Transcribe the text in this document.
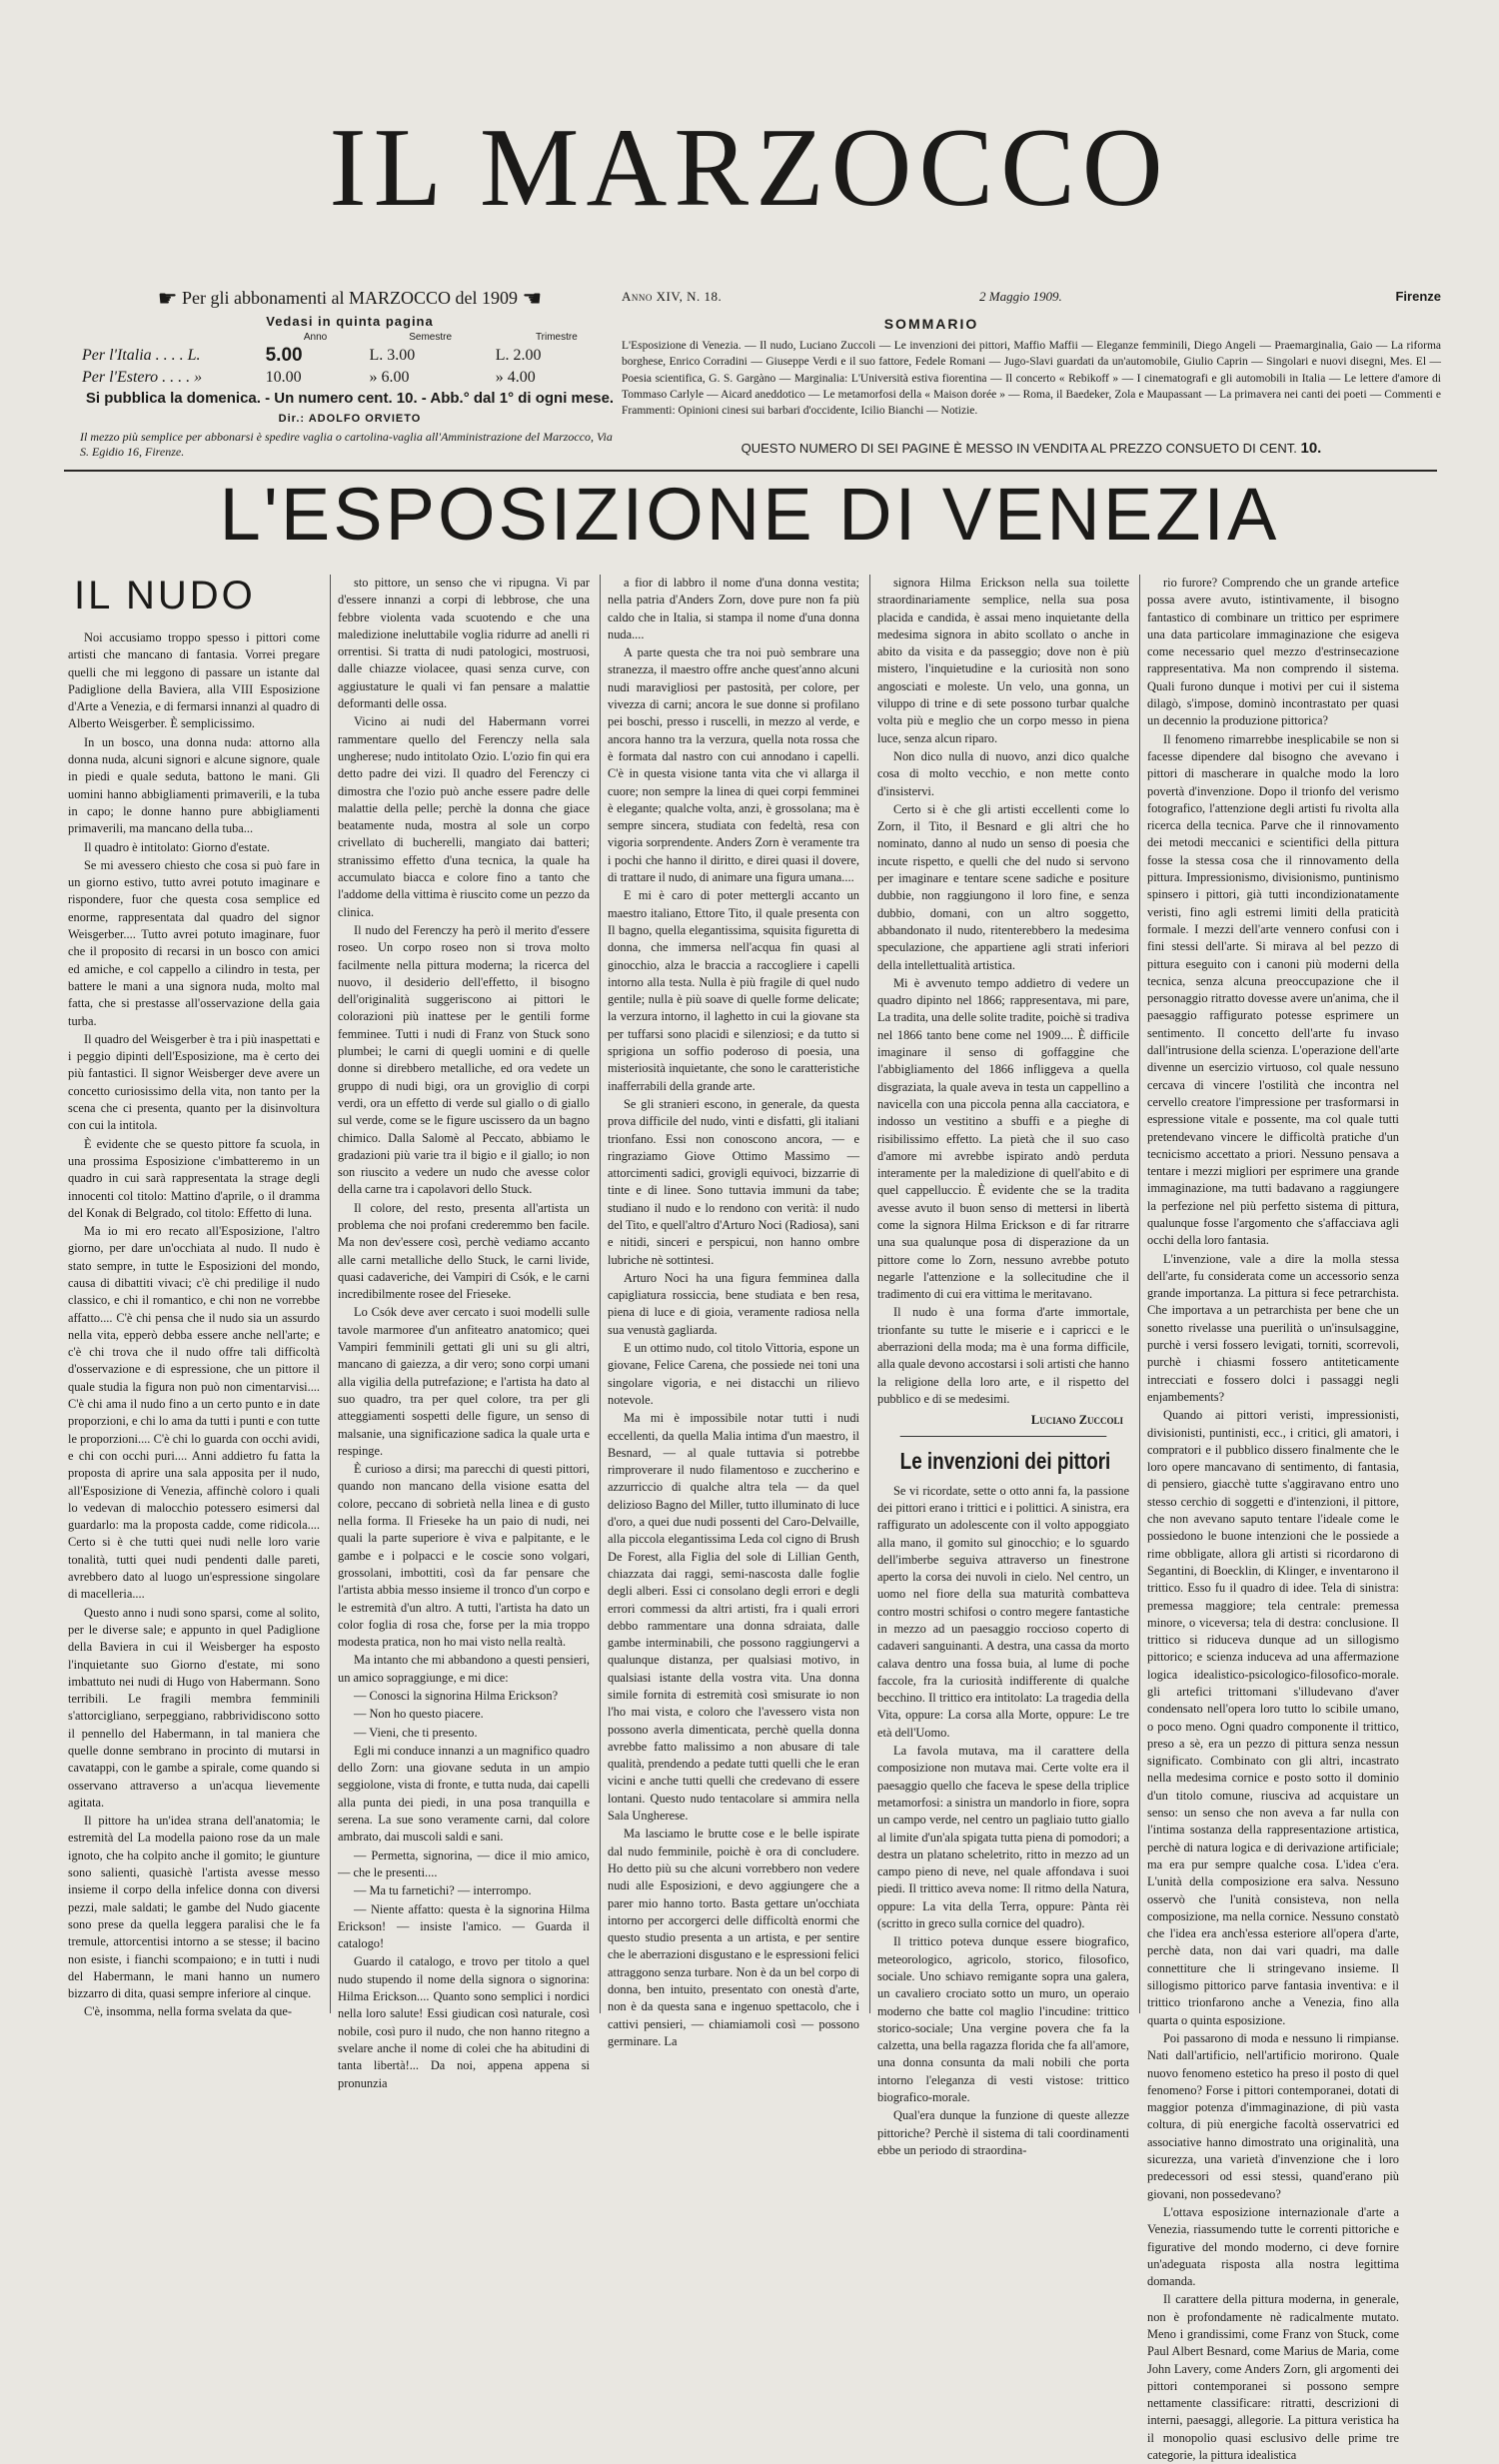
IL MARZOCCO
☛ Per gli abbonamenti al MARZOCCO del 1909 ☚
Vedasi in quinta pagina
	Anno	Semestre	Trimestre
Per l'Italia . . . . L.	5.00	L. 3.00	L. 2.00
Per l'Estero . . . . »	10.00	» 6.00	» 4.00
Si pubblica la domenica. - Un numero cent. 10. - Abb.° dal 1° di ogni mese.
Dir.: ADOLFO ORVIETO
Il mezzo più semplice per abbonarsi è spedire vaglia o cartolina-vaglia all'Amministrazione del Marzocco, Via S. Egidio 16, Firenze.
Anno XIV, N. 18.	2 Maggio 1909.	Firenze
SOMMARIO
L'Esposizione di Venezia. — Il nudo, Luciano Zuccoli — Le invenzioni dei pittori, Maffio Maffii — Eleganze femminili, Diego Angeli — Praemarginalia, Gaio — La riforma borghese, Enrico Corradini — Giuseppe Verdi e il suo fattore, Fedele Romani — Jugo-Slavi guardati da un'automobile, Giulio Caprin — Singolari e nuovi disegni, Mes. El — Poesia scientifica, G. S. Gargàno — Marginalia: L'Università estiva fiorentina — Il concerto « Rebikoff » — I cinematografi e gli automobili in Italia — Le lettere d'amore di Tommaso Carlyle — Aicard aneddotico — Le metamorfosi della « Maison dorée » — Roma, il Baedeker, Zola e Maupassant — La primavera nei canti dei poeti — Commenti e Frammenti: Opinioni cinesi sui barbari d'occidente, Icilio Bianchi — Notizie.
QUESTO NUMERO DI SEI PAGINE È MESSO IN VENDITA AL PREZZO CONSUETO DI CENT. 10.
L'ESPOSIZIONE DI VENEZIA
IL NUDO

Noi accusiamo troppo spesso i pittori come artisti che mancano di fantasia. Vorrei pregare quelli che mi leggono di passare un istante dal Padiglione della Baviera, alla VIII Esposizione d'Arte a Venezia, e di fermarsi innanzi al quadro di Alberto Weisgerber. È semplicissimo.

In un bosco, una donna nuda: attorno alla donna nuda, alcuni signori e alcune signore, quale in piedi e quale seduta, battono le mani. Gli uomini hanno abbigliamenti primaverili, e la tuba in capo; le donne hanno pure abbigliamenti primaverili, ma mancano della tuba...

Il quadro è intitolato: Giorno d'estate.

Se mi avessero chiesto che cosa si può fare in un giorno estivo, tutto avrei potuto imaginare e rispondere, fuor che questa cosa semplice ed enorme, rappresentata dal quadro del signor Weisgerber.... Tutto avrei potuto imaginare, fuor che il proposito di recarsi in un bosco con amici ed amiche, e col cappello a cilindro in testa, per battere le mani a una signora nuda, molto mal fatta, che si prestasse all'osservazione della gaia turba.

Il quadro del Weisgerber è tra i più inaspettati e i peggio dipinti dell'Esposizione, ma è certo dei più fantastici. Il signor Weisberger deve avere un concetto curiosissimo della vita, non tanto per la scena che ci presenta, quanto per la disinvoltura con cui la intitola.

È evidente che se questo pittore fa scuola, in una prossima Esposizione c'imbatteremo in un quadro in cui sarà rappresentata la strage degli innocenti col titolo: Mattino d'aprile, o il dramma del Konak di Belgrado, col titolo: Effetto di luna.

Ma io mi ero recato all'Esposizione, l'altro giorno, per dare un'occhiata al nudo. Il nudo è stato sempre, in tutte le Esposizioni del mondo, causa di dibattiti vivaci; c'è chi predilige il nudo classico, e chi il romantico, e chi non ne vorrebbe affatto.... C'è chi pensa che il nudo sia un assurdo nella vita, epperò debba essere anche nell'arte; e c'è chi trova che il nudo offre tali difficoltà d'osservazione e di espressione, che un pittore il quale studia la figura non può non cimentarvisi.... C'è chi ama il nudo fino a un certo punto e in date proporzioni, e chi lo ama da tutti i punti e con tutte le proporzioni.... C'è chi lo guarda con occhi avidi, e chi con occhi puri.... Anni addietro fu fatta la proposta di aprire una sala apposita per il nudo, all'Esposizione di Venezia, affinchè coloro i quali lo vedevan di malocchio potessero esimersi dal guardarlo: ma la proposta cadde, come ridicola.... Certo si è che tutti quei nudi nelle loro varie tonalità, tutti quei nudi pendenti dalle pareti, avrebbero dato al luogo un'espressione singolare di macelleria....

Questo anno i nudi sono sparsi, come al solito, per le diverse sale; e appunto in quel Padiglione della Baviera in cui il Weisberger ha esposto l'inquietante suo Giorno d'estate, mi sono imbattuto nei nudi di Hugo von Habermann. Sono terribili. Le fragili membra femminili s'attorcigliano, serpeggiano, rabbrividiscono sotto il pennello del Habermann, in tal maniera che quelle donne sembrano in procinto di mutarsi in cavatappi, con le gambe a spirale, come quando si osservano attraverso a un'acqua lievemente agitata.

Il pittore ha un'idea strana dell'anatomia; le estremità del La modella paiono rose da un male ignoto, che ha colpito anche il gomito; le giunture sono salienti, quasichè l'artista avesse messo insieme il corpo della infelice donna con diversi pezzi, male saldati; le gambe del Nudo giacente sono prese da quella leggera paralisi che le fa tremule, attorcentisi intorno a se stesse; il bacino non esiste, i fianchi scompaiono; e in tutti i nudi del Habermann, le mani hanno un numero bizzarro di dita, quasi sempre inferiore al cinque.

C'è, insomma, nella forma svelata da que-

sto pittore, un senso che vi ripugna. Vi par d'essere innanzi a corpi di lebbrose, che una febbre violenta vada scuotendo e che una maledizione ineluttabile voglia ridurre ad anelli ri orrentisi. Si tratta di nudi patologici, mostruosi, dalle chiazze violacee, quasi senza curve, con aggiustature le quali vi fan pensare a malattie deformanti delle ossa.

Vicino ai nudi del Habermann vorrei rammentare quello del Ferenczy nella sala ungherese; nudo intitolato Ozio. L'ozio fin qui era detto padre dei vizi. Il quadro del Ferenczy ci dimostra che l'ozio può anche essere padre delle malattie della pelle; perchè la donna che giace beatamente nuda, mostra al sole un corpo crivellato di bucherelli, mangiato dai batteri; stranissimo effetto d'una tecnica, la quale ha accumulato biacca e colore fino a tanto che l'addome della vittima è riuscito come un pezzo da clinica.

Il nudo del Ferenczy ha però il merito d'essere roseo. Un corpo roseo non si trova molto facilmente nella pittura moderna; la ricerca del nuovo, il desiderio dell'effetto, il bisogno dell'originalità suggeriscono ai pittori le colorazioni più inattese per le gentili forme femminee. Tutti i nudi di Franz von Stuck sono plumbei; le carni di quegli uomini e di quelle donne si direbbero metalliche, ed ora vedete un gruppo di nudi bigi, ora un groviglio di corpi verdi, ora un effetto di verde sul giallo o di giallo sul verde, come se le figure uscissero da un bagno chimico. Dalla Salomè al Peccato, abbiamo le gradazioni più varie tra il bigio e il giallo; io non son riuscito a vedere un nudo che avesse color della carne tra i capolavori dello Stuck.

Il colore, del resto, presenta all'artista un problema che noi profani crederemmo ben facile. Ma non dev'essere così, perchè vediamo accanto alle carni metalliche dello Stuck, le carni livide, quasi cadaveriche, dei Vampiri di Csók, e le carni incredibilmente rosee del Frieseke.

Lo Csók deve aver cercato i suoi modelli sulle tavole marmoree d'un anfiteatro anatomico; quei Vampiri femminili gettati gli uni su gli altri, mancano di gaiezza, a dir vero; sono corpi umani alla vigilia della putrefazione; e l'artista ha dato al suo quadro, tra per quel colore, tra per gli atteggiamenti sospetti delle figure, un senso di malsanie, una significazione sadica la quale urta e respinge.

È curioso a dirsi; ma parecchi di questi pittori, quando non mancano della visione esatta del colore, peccano di sobrietà nella linea e di gusto nella forma. Il Frieseke ha un paio di nudi, nei quali la parte superiore è viva e palpitante, e le gambe e i polpacci e le coscie sono volgari, grossolani, imbottiti, così da far pensare che l'artista abbia messo insieme il tronco d'un corpo e le estremità d'un altro. A tutti, l'artista ha dato un color foglia di rosa che, forse per la mia troppo modesta pratica, non ho mai visto nella realtà.

Ma intanto che mi abbandono a questi pensieri, un amico sopraggiunge, e mi dice:

— Conosci la signorina Hilma Erickson?

— Non ho questo piacere.

— Vieni, che ti presento.

Egli mi conduce innanzi a un magnifico quadro dello Zorn: una giovane seduta in un ampio seggiolone, vista di fronte, e tutta nuda, dai capelli alla punta dei piedi, in una posa tranquilla e serena. La sue sono veramente carni, dal colore ambrato, dai muscoli saldi e sani.

— Permetta, signorina, — dice il mio amico, — che le presenti....

— Ma tu farnetichi? — interrompo.

— Niente affatto: questa è la signorina Hilma Erickson! — insiste l'amico. — Guarda il catalogo!

Guardo il catalogo, e trovo per titolo a quel nudo stupendo il nome della signora o signorina: Hilma Erickson.... Quanto sono semplici i nordici nella loro salute! Essi giudican così naturale, così nobile, così puro il nudo, che non hanno ritegno a svelare anche il nome di colei che ha abitudini di tanta libertà!... Da noi, appena appena si pronunzia

a fior di labbro il nome d'una donna vestita; nella patria d'Anders Zorn, dove pure non fa più caldo che in Italia, si stampa il nome d'una donna nuda....

A parte questa che tra noi può sembrare una stranezza, il maestro offre anche quest'anno alcuni nudi maravigliosi per pastosità, per colore, per vivezza di carni; ancora le sue donne si profilano pei boschi, presso i ruscelli, in mezzo al verde, e ancora hanno tra la verzura, quella nota rossa che è formata dal nastro con cui annodano i capelli. C'è in questa visione tanta vita che vi allarga il cuore; non sempre la linea di quei corpi femminei è elegante; qualche volta, anzi, è grossolana; ma è sempre sincera, studiata con fedeltà, resa con vigoria sorprendente. Anders Zorn è veramente tra i pochi che hanno il diritto, e direi quasi il dovere, di trattare il nudo, di animare una figura umana....

E mi è caro di poter mettergli accanto un maestro italiano, Ettore Tito, il quale presenta con Il bagno, quella elegantissima, squisita figuretta di donna, che immersa nell'acqua fin quasi al ginocchio, alza le braccia a raccogliere i capelli intorno alla testa. Nulla è più fragile di quel nudo gentile; nulla è più soave di quelle forme delicate; la verzura intorno, il laghetto in cui la giovane sta per tuffarsi sono placidi e silenziosi; e da tutto si sprigiona un soffio poderoso di poesia, una misteriosità inquietante, che sono le caratteristiche inafferrabili della grande arte.

Se gli stranieri escono, in generale, da questa prova difficile del nudo, vinti e disfatti, gli italiani trionfano. Essi non conoscono ancora, — e ringraziamo Giove Ottimo Massimo — attorcimenti sadici, grovigli equivoci, bizzarrie di tinte e di linee. Sono tuttavia immuni da tabe; studiano il nudo e lo rendono con verità: il nudo del Tito, e quell'altro d'Arturo Noci (Radiosa), sani e nitidi, sinceri e perspicui, non hanno ombre lubriche nè sottintesi.

Arturo Noci ha una figura femminea dalla capigliatura rossiccia, bene studiata e ben resa, piena di luce e di gioia, veramente radiosa nella sua venustà gagliarda.

E un ottimo nudo, col titolo Vittoria, espone un giovane, Felice Carena, che possiede nei toni una singolare vigoria, e nei distacchi un rilievo notevole.

Ma mi è impossibile notar tutti i nudi eccellenti, da quella Malia intima d'un maestro, il Besnard, — al quale tuttavia si potrebbe rimproverare il nudo filamentoso e zuccherino e azzurriccio di qualche altra tela — da quel delizioso Bagno del Miller, tutto illuminato di luce d'oro, a quei due nudi possenti del Caro-Delvaille, alla piccola elegantissima Leda col cigno di Brush De Forest, alla Figlia del sole di Lillian Genth, chiazzata dai raggi, semi-nascosta dalle foglie degli alberi. Essi ci consolano degli errori e degli errori commessi da altri artisti, fra i quali errori debbo rammentare una donna sdraiata, dalle gambe interminabili, che possono raggiungervi a qualunque distanza, per qualsiasi motivo, in qualsiasi istante della vostra vita. Una donna simile fornita di estremità così smisurate io non l'ho mai vista, e coloro che l'avessero vista non possono averla dimenticata, perchè quella donna avrebbe fatto malissimo a non abusare di tale qualità, prendendo a pedate tutti quelli che le eran vicini e anche tutti quelli che credevano di essere lontani. Questo nudo tentacolare si ammira nella Sala Ungherese.

Ma lasciamo le brutte cose e le belle ispirate dal nudo femminile, poichè è ora di concludere. Ho detto più su che alcuni vorrebbero non vedere nudi alle Esposizioni, e devo aggiungere che a parer mio hanno torto. Basta gettare un'occhiata intorno per accorgerci delle difficoltà enormi che questo studio presenta a un artista, e per sentire che le aberrazioni disgustano e le espressioni felici attraggono senza turbare. Non è da un bel corpo di donna, ben intuito, presentato con onestà d'arte, non è da questa sana e ingenuo spettacolo, che i cattivi pensieri, — chiamiamoli così — possono germinare. La

signora Hilma Erickson nella sua toilette straordinariamente semplice, nella sua posa placida e candida, è assai meno inquietante della medesima signora in abito scollato o anche in abito da visita e da passeggio; dove non è più mistero, l'inquietudine e la curiosità non sono angosciati e moleste. Un velo, una gonna, un viluppo di trine e di sete possono turbar qualche volta più e meglio che un corpo messo in piena luce, senza alcun riparo.

Non dico nulla di nuovo, anzi dico qualche cosa di molto vecchio, e non mette conto d'insistervi.

Certo si è che gli artisti eccellenti come lo Zorn, il Tito, il Besnard e gli altri che ho nominato, danno al nudo un senso di poesia che incute rispetto, e quelli che del nudo si servono per imaginare e tentare scene sadiche e positure dubbie, non raggiungono il loro fine, e senza dubbio, domani, con un altro soggetto, abbandonato il nudo, ritenterebbero la medesima speculazione, che appartiene agli strati inferiori della intellettualità artistica.

Mi è avvenuto tempo addietro di vedere un quadro dipinto nel 1866; rappresentava, mi pare, La tradita, una delle solite tradite, poichè si tradiva nel 1866 tanto bene come nel 1909.... È difficile imaginare il senso di goffaggine che l'abbigliamento del 1866 infliggeva a quella disgraziata, la quale aveva in testa un cappellino a navicella con una piccola penna alla cacciatora, e indosso un vestitino a sbuffi e a pieghe di risibilissimo effetto. La pietà che il suo caso d'amore mi avrebbe ispirato andò perduta interamente per la maledizione di quell'abito e di quel cappelluccio. È evidente che se la tradita avesse avuto il buon senso di mettersi in libertà come la signora Hilma Erickson e di far ritrarre una sua qualunque posa di disperazione da un pittore come lo Zorn, nessuno avrebbe potuto negarle l'attenzione e la sollecitudine che il tradimento di cui era vittima le meritavano.

Il nudo è una forma d'arte immortale, trionfante su tutte le miserie e i capricci e le aberrazioni della moda; ma è una forma difficile, alla quale devono accostarsi i soli artisti che hanno la religione della loro arte, e il rispetto del pubblico e di se medesimi.

Luciano Zuccoli
Le invenzioni dei pittori

Se vi ricordate, sette o otto anni fa, la passione dei pittori erano i trittici e i polittici. A sinistra, era raffigurato un adolescente con il volto appoggiato alla mano, il gomito sul ginocchio; e lo sguardo dell'imberbe seguiva attraverso un finestrone aperto la corsa dei nuvoli in cielo. Nel centro, un uomo nel fiore della sua maturità combatteva contro mostri schifosi o contro megere fantastiche in mezzo ad un paesaggio roccioso coperto di cadaveri sanguinanti. A destra, una cassa da morto calava dentro una fossa buia, al lume di poche faccole, fra la curiosità indifferente di qualche becchino. Il trittico era intitolato: La tragedia della Vita, oppure: La corsa alla Morte, oppure: Le tre età dell'Uomo.

La favola mutava, ma il carattere della composizione non mutava mai. Certe volte era il paesaggio quello che faceva le spese della triplice metamorfosi: a sinistra un mandorlo in fiore, sopra un campo verde, nel centro un pagliaio tutto giallo al limite d'un'ala spigata tutta piena di pomodori; a destra un platano scheletrito, ritto in mezzo ad un campo pieno di neve, nel quale affondava i suoi piedi. Il trittico aveva nome: Il ritmo della Natura, oppure: La vita della Terra, oppure: Pànta rèi (scritto in greco sulla cornice del quadro).

Il trittico poteva dunque essere biografico, meteorologico, agricolo, storico, filosofico, sociale. Uno schiavo remigante sopra una galera, un cavaliero crociato sotto un muro, un operaio moderno che batte col maglio l'incudine: trittico storico-sociale; Una vergine povera che fa la calzetta, una bella ragazza florida che fa all'amore, una donna consunta da mali nobili che porta intorno l'eleganza di vesti vistose: trittico biografico-morale.

Qual'era dunque la funzione di queste allezze pittoriche? Perchè il sistema di tali coordinamenti ebbe un periodo di straordina-

rio furore? Comprendo che un grande artefice possa avere avuto, istintivamente, il bisogno fantastico di combinare un trittico per esprimere una data particolare immaginazione che esigeva come necessario quel mezzo d'estrinsecazione rappresentativa. Ma non comprendo il sistema. Quali furono dunque i motivi per cui il sistema dilagò, s'impose, dominò incontrastato per quasi un decennio la produzione pittorica?

Il fenomeno rimarrebbe inesplicabile se non si facesse dipendere dal bisogno che avevano i pittori di mascherare in qualche modo la loro povertà d'invenzione. Dopo il trionfo del verismo fotografico, l'attenzione degli artisti fu rivolta alla ricerca della tecnica. Parve che il rinnovamento dei metodi meccanici e scientifici della pittura fosse la stessa cosa che il rinnovamento della pittura. Impressionismo, divisionismo, puntinismo spinsero i pittori, già tutti incondizionatamente veristi, fino agli estremi limiti della praticità formale. I mezzi dell'arte vennero confusi con i fini stessi dell'arte. Si mirava al bel pezzo di pittura eseguito con i canoni più moderni della tecnica, senza alcuna preoccupazione che il personaggio ritratto dovesse avere un'anima, che il paesaggio raffigurato potesse esprimere un sentimento. Il concetto dell'arte fu invaso dall'intrusione della scienza. L'operazione dell'arte divenne un esercizio virtuoso, col quale nessuno cercava di vincere l'ostilità che incontra nel cervello creatore l'impressione per trasformarsi in espressione vitale e possente, ma col quale tutti pretendevano vincere le difficoltà pratiche d'un tecnicismo accettato a priori. Nessuno pensava a tentare i mezzi migliori per esprimere una grande immaginazione, ma tutti badavano a raggiungere la perfezione nel più perfetto sistema di pittura, qualunque fosse l'argomento che s'affacciava agli occhi della loro fantasia.

L'invenzione, vale a dire la molla stessa dell'arte, fu considerata come un accessorio senza grande importanza. La pittura si fece petrarchista. Che importava a un petrarchista per bene che un sonetto rivelasse una puerilità o un'insulsaggine, purchè i versi fossero levigati, torniti, scorrevoli, purchè i chiasmi fossero antiteticamente intrecciati e fossero dolci i passaggi negli enjambements?

Quando ai pittori veristi, impressionisti, divisionisti, puntinisti, ecc., i critici, gli amatori, i compratori e il pubblico dissero finalmente che le loro opere mancavano di sentimento, di fantasia, di pensiero, giacchè tutte s'aggiravano entro uno stesso cerchio di soggetti e d'intenzioni, il pittore, che non avevano saputo tentare l'ideale come le possiedono le buone intenzioni che le possiede a rime obbligate, allora gli artisti si ricordarono di Segantini, di Boecklin, di Klinger, e inventarono il trittico. Esso fu il quadro di idee. Tela di sinistra: premessa maggiore; tela centrale: premessa minore, o viceversa; tela di destra: conclusione. Il trittico si riduceva dunque ad un sillogismo pittorico; e scienza induceva ad una affermazione logica idealistico-psicologico-filosofico-morale. gli artefici trittomani s'illudevano d'aver condensato nell'opera loro tutto lo scibile umano, o poco meno. Ogni quadro componente il trittico, preso a sè, era un pezzo di pittura senza nessun significato. Combinato con gli altri, incastrato nella medesima cornice e posto sotto il dominio d'un titolo comune, riusciva ad acquistare un senso: un senso che non aveva a far nulla con l'intima sostanza della rappresentazione artistica, perchè di natura logica e di derivazione artificiale; ma era pur sempre qualche cosa. L'idea c'era. L'unità della composizione era salva. Nessuno osservò che l'unità consisteva, non nella composizione, ma nella cornice. Nessuno constatò che l'idea era anch'essa esteriore all'opera d'arte, perchè data, non dai vari quadri, ma dalle connettiture che li stringevano insieme. Il sillogismo pittorico parve fantasia inventiva: e il trittico trionfarono anche a Venezia, fino alla quarta o quinta esposizione.

Poi passarono di moda e nessuno li rimpianse. Nati dall'artificio, nell'artificio morirono. Quale nuovo fenomeno estetico ha preso il posto di quel fenomeno? Forse i pittori contemporanei, dotati di maggior potenza d'immaginazione, di più vasta coltura, di più energiche facoltà osservatrici ed associative hanno dimostrato una originalità, una sicurezza, una varietà d'invenzione che i loro predecessori od essi stessi, quand'erano più giovani, non possedevano?

L'ottava esposizione internazionale d'arte a Venezia, riassumendo tutte le correnti pittoriche e figurative del mondo moderno, ci deve fornire un'adeguata risposta alla nostra legittima domanda.

Il carattere della pittura moderna, in generale, non è profondamente nè radicalmente mutato. Meno i grandissimi, come Franz von Stuck, come Paul Albert Besnard, come Marius de Maria, come John Lavery, come Anders Zorn, gli argomenti dei pittori contemporanei si possono sempre nettamente classificare: ritratti, descrizioni di interni, paesaggi, allegorie. La pittura veristica ha il monopolio quasi esclusivo delle prime tre categorie, la pittura idealistica
